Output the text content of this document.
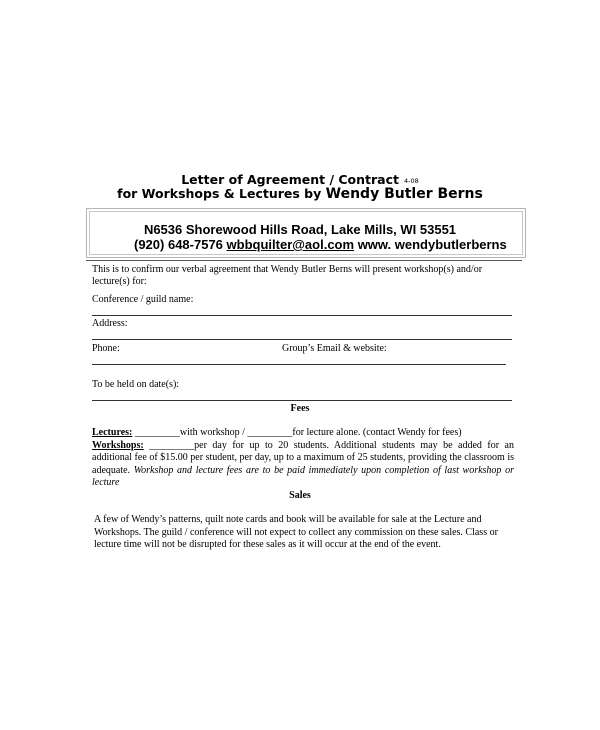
Letter of Agreement / Contract 4-08
for Workshops & Lectures by Wendy Butler Berns
N6536 Shorewood Hills Road, Lake Mills, WI 53551
(920) 648-7576 wbbquilter@aol.com www. wendybutlerberns
This is to confirm our verbal agreement that Wendy Butler Berns will present workshop(s) and/or
lecture(s) for:
Conference / guild name:
Address:
Phone:	Group’s Email & website:
To be held on date(s):
Fees
Lectures: _________with workshop / _________for lecture alone. (contact Wendy for fees)
Workshops: _________per day for up to 20 students. Additional students may be added for an additional fee of $15.00 per student, per day, up to a maximum of 25 students, providing the classroom is adequate. Workshop and lecture fees are to be paid immediately upon completion of last workshop or lecture
Sales
A few of Wendy’s patterns, quilt note cards and book will be available for sale at the Lecture and Workshops. The guild / conference will not expect to collect any commission on these sales. Class or lecture time will not be disrupted for these sales as it will occur at the end of the event.
